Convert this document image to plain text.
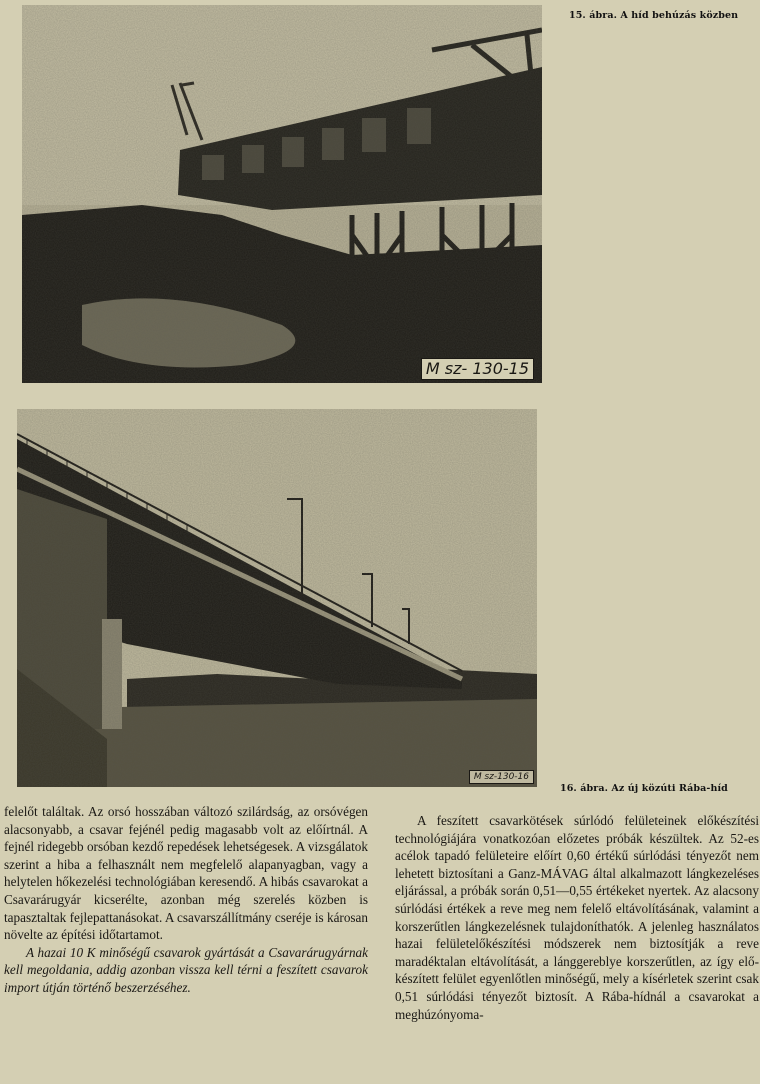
M sz- 130-15
15. ábra. A híd behúzás közben
M sz-130-16
16. ábra. Az új közúti Rába-híd

felelőt találtak. Az orsó hosszában változó szilárdság, az orsóvégen alacsonyabb, a csavar fejénél pedig magasabb volt az előírtnál. A fejnél ridegebb orsóban kezdő repedések lehetségesek. A vizsgálatok szerint a hiba a felhasznált nem megfelelő alapanyagban, vagy a helytelen hőkezelési technológiában keresendő. A hibás csavarokat a Csavarárugyár kicserélte, azonban még szerelés közben is tapasztaltak fejlepattanásokat. A csavarszállítmány cseréje is károsan növelte az építési időtartamot.

A hazai 10 K minőségű csavarok gyártását a Csavarárugyárnak kell megoldania, addig azonban vissza kell térni a feszített csavarok import útján történő beszerzéséhez.

A feszített csavarkötések súrlódó felületeinek előkészítési technológiájára vonatkozóan előzetes próbák készültek. Az 52-es acélok tapadó felületeire előírt 0,60 értékű súrlódási tényezőt nem lehetett biztosítani a Ganz-MÁVAG által alkalmazott lángkezeléses eljárással, a próbák során 0,51—0,55 értékeket nyertek. Az alacsony súrlódási értékek a reve meg nem felelő eltávolításának, valamint a korszerűtlen lángkezelésnek tulajdoníthatók. A jelenleg használatos hazai felületelőkészítési módszerek nem biztosítják a reve maradéktalan eltávolítását, a lánggereblye korszerűtlen, az így előkészített felület egyenlőtlen minőségű, mely a kísérletek szerint csak 0,51 súrlódási tényezőt biztosít. A Rába-hídnál a csavarokat a meghúzónyoma-
